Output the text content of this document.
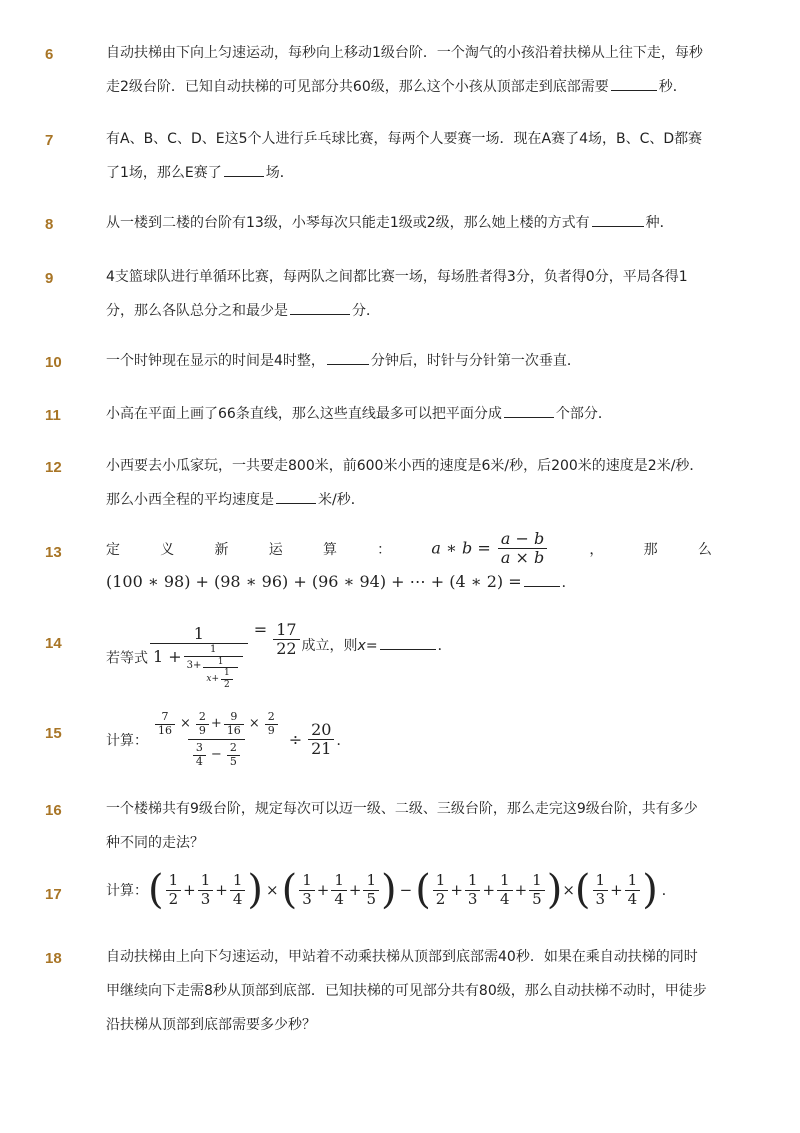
6	自动扶梯由下向上匀速运动，每秒向上移动1级台阶．一个淘气的小孩沿着扶梯从上往下走，每秒
走2级台阶．已知自动扶梯的可见部分共60级，那么这个小孩从顶部走到底部需要	秒．
7	有A、B、C、D、E这5个人进行乒乓球比赛，每两个人要赛一场．现在A赛了4场，B、C、D都赛
了1场，那么E赛了	场．
8	从一楼到二楼的台阶有13级，小琴每次只能走1级或2级，那么她上楼的方式有	种．
9	4支篮球队进行单循环比赛，每两队之间都比赛一场，每场胜者得3分，负者得0分，平局各得1
分，那么各队总分之和最少是	分．
10	一个时钟现在显示的时间是4时整，	分钟后，时针与分针第一次垂直．
11	小高在平面上画了66条直线，那么这些直线最多可以把平面分成	个部分．
12	小西要去小瓜家玩，一共要走800米，前600米小西的速度是6米/秒，后200米的速度是2米/秒．
那么小西全程的平均速度是	米/秒．
13	定	义	新	运	算	：	a ∗ $b = \frac{a - b}{a \times b}$	，	那	么
(100 ∗ 98) + (98 ∗ 96) + (96 ∗ 94) + ⋯ + (4 ∗ 2) =	．
14
若等式
1
1 +	1
$3+ \frac{1}{x+ \frac{1}{2}}$
= $\frac{17}{22}$ 成立，则x=	．
15	计算：
$\frac{7}{16} \times \frac{2}{9} + \frac{9}{16} \times \frac{2}{9}$
$\frac{3}{4} - \frac{2}{5}$
÷ $\frac{20}{21}$ ．
16	一个楼梯共有9级台阶，规定每次可以迈一级、二级、三级台阶，那么走完这9级台阶，共有多少
种不同的走法？
17	计算： ( $\frac{1}{2} + \frac{1}{3} + \frac{1}{4}$ ) × ( $\frac{1}{3} + \frac{1}{4} + \frac{1}{5}$ ) − ( $\frac{1}{2} + \frac{1}{3} + \frac{1}{4} + \frac{1}{5}$ ) × ( $\frac{1}{3} + \frac{1}{4}$ ) ．
18	自动扶梯由上向下匀速运动，甲站着不动乘扶梯从顶部到底部需40秒．如果在乘自动扶梯的同时
甲继续向下走需8秒从顶部到底部．已知扶梯的可见部分共有80级，那么自动扶梯不动时，甲徒步
沿扶梯从顶部到底部需要多少秒？
